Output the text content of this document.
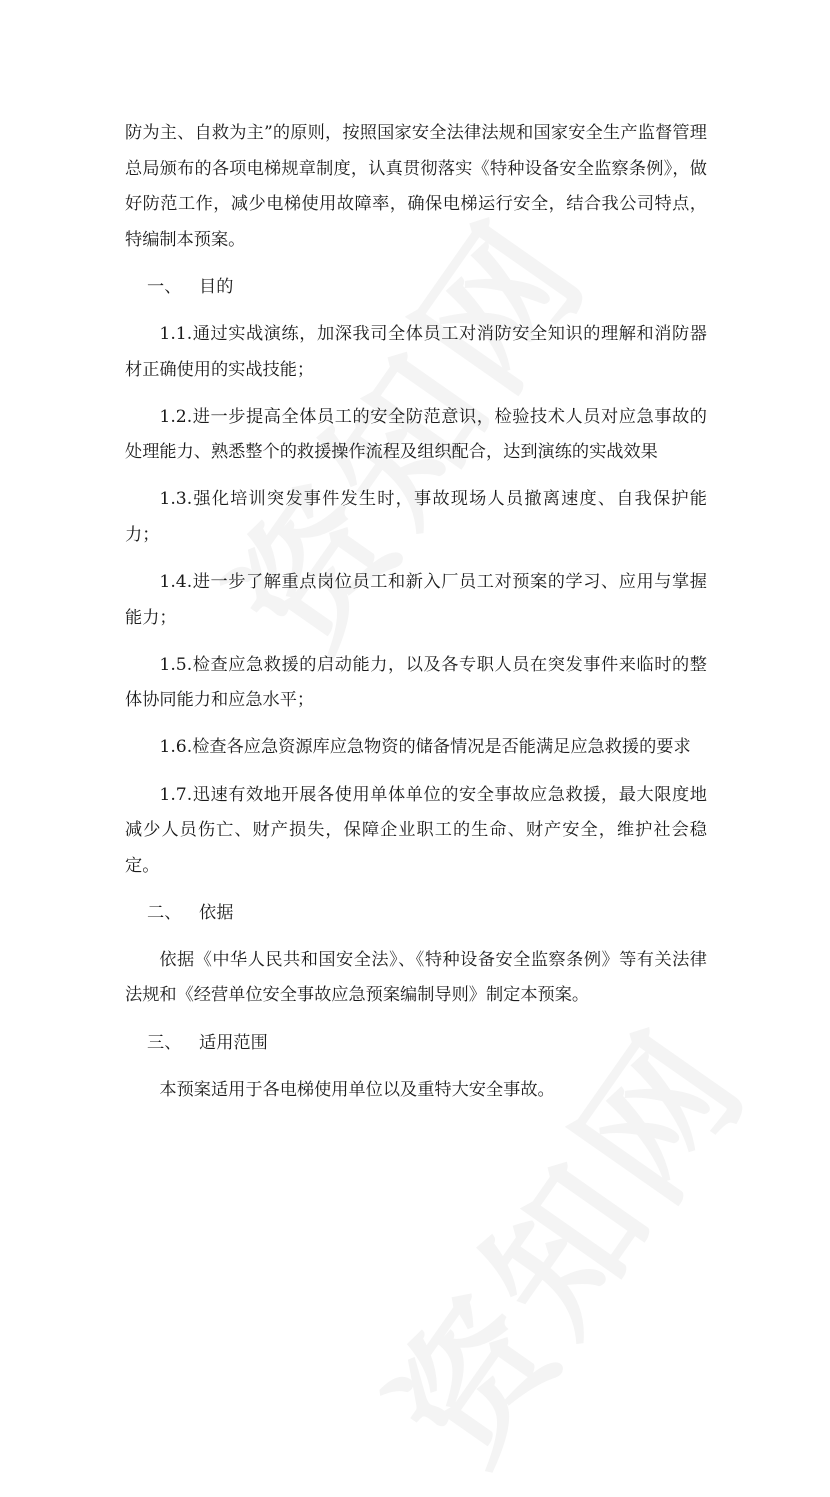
防为主、自救为主”的原则，按照国家安全法律法规和国家安全生产监督管理总局颁布的各项电梯规章制度，认真贯彻落实《特种设备安全监察条例》，做好防范工作，减少电梯使用故障率，确保电梯运行安全，结合我公司特点，特编制本预案。

一、 目的

1.1.通过实战演练，加深我司全体员工对消防安全知识的理解和消防器材正确使用的实战技能；

1.2.进一步提高全体员工的安全防范意识，检验技术人员对应急事故的处理能力、熟悉整个的救援操作流程及组织配合，达到演练的实战效果

1.3.强化培训突发事件发生时，事故现场人员撤离速度、自我保护能力；

1.4.进一步了解重点岗位员工和新入厂员工对预案的学习、应用与掌握能力；

1.5.检查应急救援的启动能力，以及各专职人员在突发事件来临时的整体协同能力和应急水平；

1.6.检查各应急资源库应急物资的储备情况是否能满足应急救援的要求

1.7.迅速有效地开展各使用单体单位的安全事故应急救援，最大限度地减少人员伤亡、财产损失，保障企业职工的生命、财产安全，维护社会稳定。

二、 依据

依据《中华人民共和国安全法》、《特种设备安全监察条例》等有关法律法规和《经营单位安全事故应急预案编制导则》制定本预案。

三、 适用范围

本预案适用于各电梯使用单位以及重特大安全事故。
